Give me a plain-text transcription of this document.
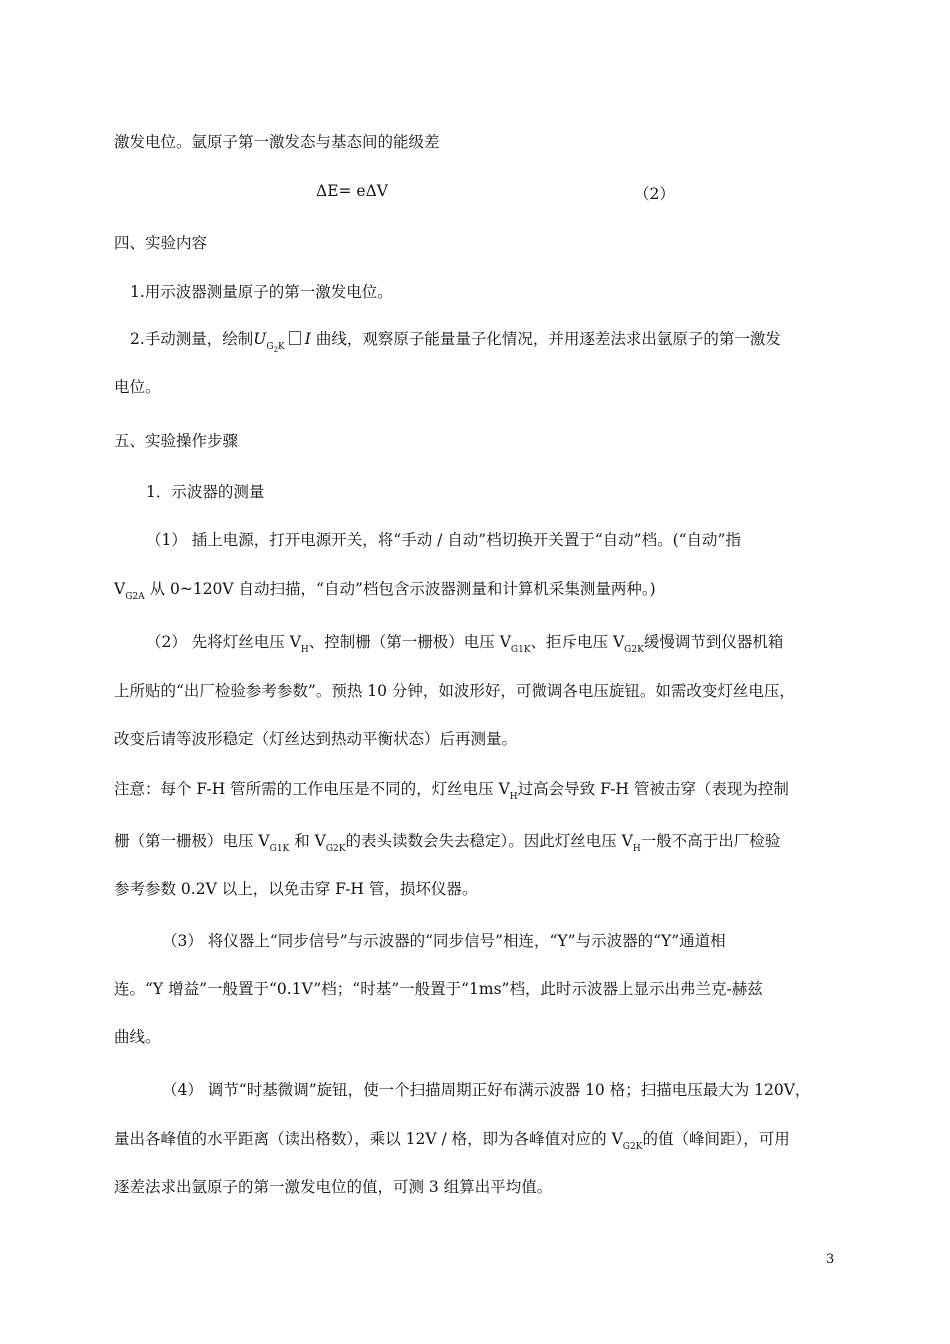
激发电位。氩原子第一激发态与基态间的能级差
ΔE= eΔV	（2）
四、实验内容
1.用示波器测量原子的第一激发电位。
2.手动测量，绘制$U_{G_2K}$ I 曲线，观察原子能量量子化情况，并用逐差法求出氩原子的第一激发
电位。
五、实验操作步骤
1．示波器的测量
（1） 插上电源，打开电源开关，将“手动 / 自动”档切换开关置于“自动”档。(“自动”指
$V_{G2A}$ 从 0~120V 自动扫描，“自动”档包含示波器测量和计算机采集测量两种。)
（2） 先将灯丝电压 $V_H$、控制栅（第一栅极）电压 $V_{G1K}$、拒斥电压 $V_{G2K}$缓慢调节到仪器机箱
上所贴的“出厂检验参考参数”。预热 10 分钟，如波形好，可微调各电压旋钮。如需改变灯丝电压，
改变后请等波形稳定（灯丝达到热动平衡状态）后再测量。
注意：每个 F-H 管所需的工作电压是不同的，灯丝电压 $V_H$过高会导致 F-H 管被击穿（表现为控制
栅（第一栅极）电压 $V_{G1K}$ 和 $V_{G2K}$的表头读数会失去稳定）。因此灯丝电压 $V_H$一般不高于出厂检验
参考参数 0.2V 以上，以免击穿 F-H 管，损坏仪器。
（3） 将仪器上“同步信号”与示波器的“同步信号”相连，“Y”与示波器的“Y”通道相
连。“Y 增益”一般置于“0.1V”档；“时基”一般置于“1ms”档，此时示波器上显示出弗兰克-赫兹
曲线。
（4） 调节“时基微调”旋钮，使一个扫描周期正好布满示波器 10 格；扫描电压最大为 120V，
量出各峰值的水平距离（读出格数），乘以 12V / 格，即为各峰值对应的 $V_{G2K}$的值（峰间距），可用
逐差法求出氩原子的第一激发电位的值，可测 3 组算出平均值。
3
